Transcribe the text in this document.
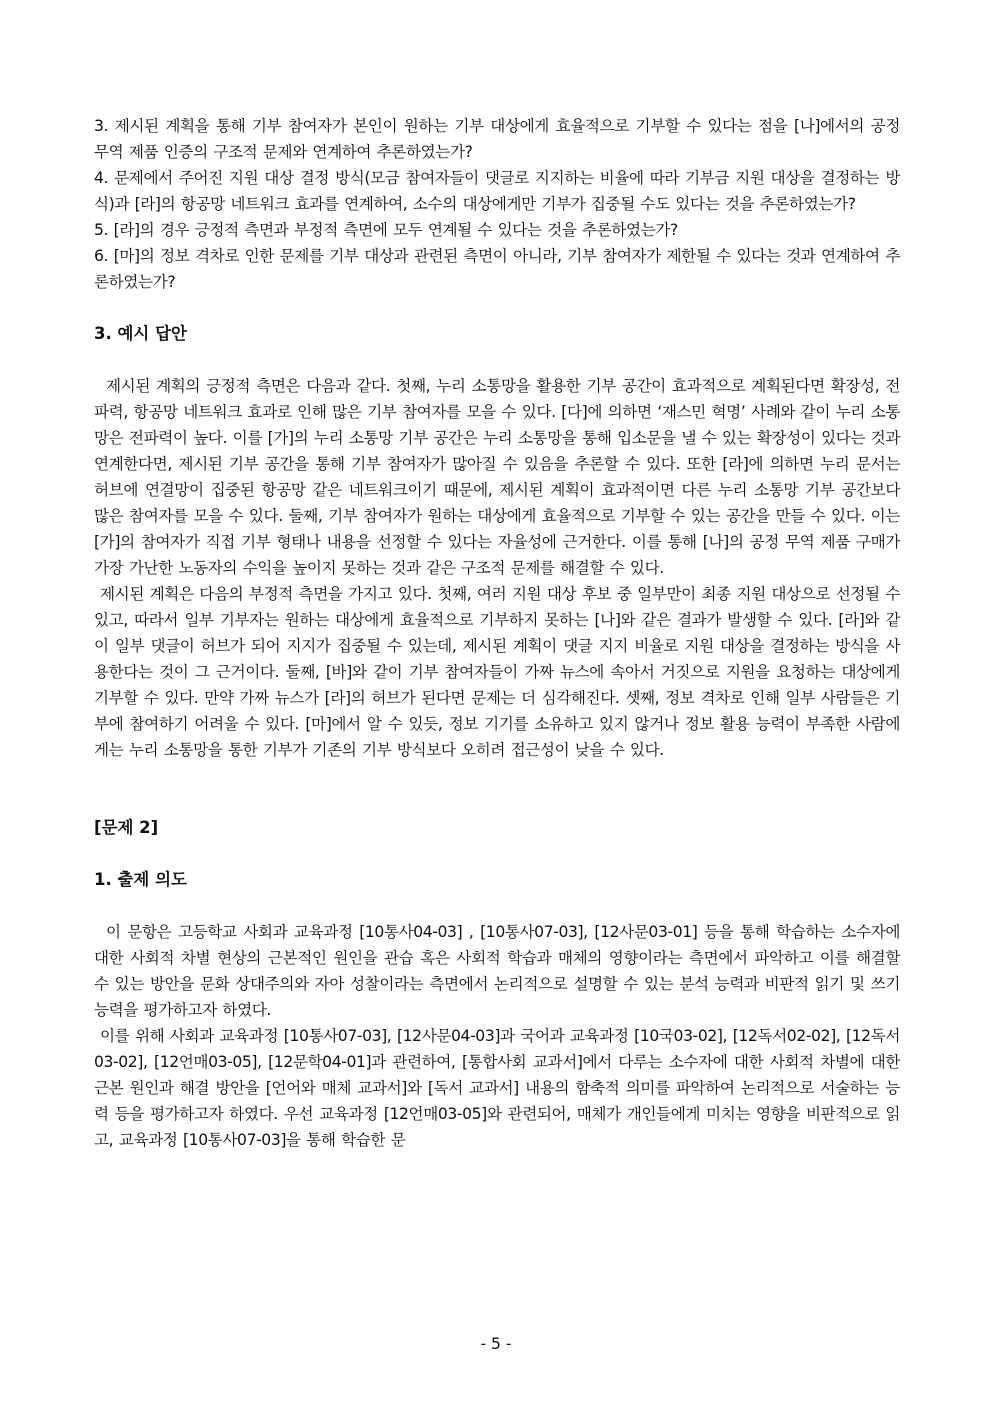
3. 제시된 계획을 통해 기부 참여자가 본인이 원하는 기부 대상에게 효율적으로 기부할 수 있다는 점을 [나]에서의 공정 무역 제품 인증의 구조적 문제와 연계하여 추론하였는가?

4. 문제에서 주어진 지원 대상 결정 방식(모금 참여자들이 댓글로 지지하는 비율에 따라 기부금 지원 대상을 결정하는 방식)과 [라]의 항공망 네트워크 효과를 연계하여, 소수의 대상에게만 기부가 집중될 수도 있다는 것을 추론하였는가?

5. [라]의 경우 긍정적 측면과 부정적 측면에 모두 연계될 수 있다는 것을 추론하였는가?

6. [마]의 정보 격차로 인한 문제를 기부 대상과 관련된 측면이 아니라, 기부 참여자가 제한될 수 있다는 것과 연계하여 추론하였는가?

3. 예시 답안

제시된 계획의 긍정적 측면은 다음과 같다. 첫째, 누리 소통망을 활용한 기부 공간이 효과적으로 계획된다면 확장성, 전파력, 항공망 네트워크 효과로 인해 많은 기부 참여자를 모을 수 있다. [다]에 의하면 ‘재스민 혁명’ 사례와 같이 누리 소통망은 전파력이 높다. 이를 [가]의 누리 소통망 기부 공간은 누리 소통망을 통해 입소문을 낼 수 있는 확장성이 있다는 것과 연계한다면, 제시된 기부 공간을 통해 기부 참여자가 많아질 수 있음을 추론할 수 있다. 또한 [라]에 의하면 누리 문서는 허브에 연결망이 집중된 항공망 같은 네트워크이기 때문에, 제시된 계획이 효과적이면 다른 누리 소통망 기부 공간보다 많은 참여자를 모을 수 있다. 둘째, 기부 참여자가 원하는 대상에게 효율적으로 기부할 수 있는 공간을 만들 수 있다. 이는 [가]의 참여자가 직접 기부 형태나 내용을 선정할 수 있다는 자율성에 근거한다. 이를 통해 [나]의 공정 무역 제품 구매가 가장 가난한 노동자의 수익을 높이지 못하는 것과 같은 구조적 문제를 해결할 수 있다.

제시된 계획은 다음의 부정적 측면을 가지고 있다. 첫째, 여러 지원 대상 후보 중 일부만이 최종 지원 대상으로 선정될 수 있고, 따라서 일부 기부자는 원하는 대상에게 효율적으로 기부하지 못하는 [나]와 같은 결과가 발생할 수 있다. [라]와 같이 일부 댓글이 허브가 되어 지지가 집중될 수 있는데, 제시된 계획이 댓글 지지 비율로 지원 대상을 결정하는 방식을 사용한다는 것이 그 근거이다. 둘째, [바]와 같이 기부 참여자들이 가짜 뉴스에 속아서 거짓으로 지원을 요청하는 대상에게 기부할 수 있다. 만약 가짜 뉴스가 [라]의 허브가 된다면 문제는 더 심각해진다. 셋째, 정보 격차로 인해 일부 사람들은 기부에 참여하기 어려울 수 있다. [마]에서 알 수 있듯, 정보 기기를 소유하고 있지 않거나 정보 활용 능력이 부족한 사람에게는 누리 소통망을 통한 기부가 기존의 기부 방식보다 오히려 접근성이 낮을 수 있다.

[문제 2]

1. 출제 의도

이 문항은 고등학교 사회과 교육과정 [10통사04-03] , [10통사07-03], [12사문03-01] 등을 통해 학습하는 소수자에 대한 사회적 차별 현상의 근본적인 원인을 관습 혹은 사회적 학습과 매체의 영향이라는 측면에서 파악하고 이를 해결할 수 있는 방안을 문화 상대주의와 자아 성찰이라는 측면에서 논리적으로 설명할 수 있는 분석 능력과 비판적 읽기 및 쓰기 능력을 평가하고자 하였다.

이를 위해 사회과 교육과정 [10통사07-03], [12사문04-03]과 국어과 교육과정 [10국03-02], [12독서02-02], [12독서03-02], [12언매03-05], [12문학04-01]과 관련하여, [통합사회 교과서]에서 다루는 소수자에 대한 사회적 차별에 대한 근본 원인과 해결 방안을 [언어와 매체 교과서]와 [독서 교과서] 내용의 함축적 의미를 파악하여 논리적으로 서술하는 능력 등을 평가하고자 하였다. 우선 교육과정 [12언매03-05]와 관련되어, 매체가 개인들에게 미치는 영향을 비판적으로 읽고, 교육과정 [10통사07-03]을 통해 학습한 문

- 5 -
